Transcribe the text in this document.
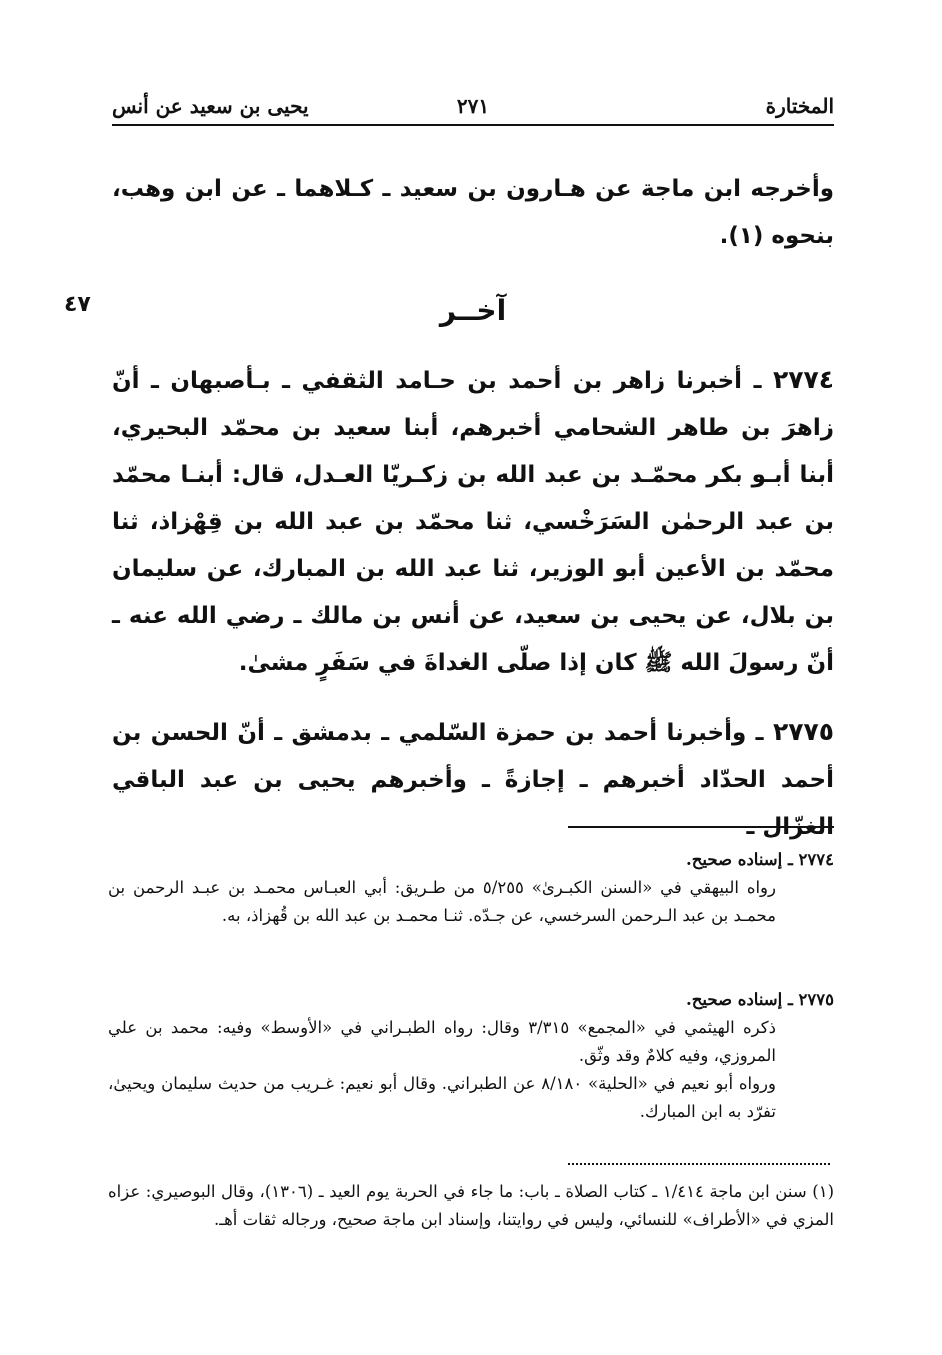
المختارة
٢٧١
يحيى بن سعيد عن أنس
وأخرجه ابن ماجة عن هـارون بن سعيد ـ كـلاهما ـ عن ابن وهب، بنحوه (١).
آخــر
٤٧
٢٧٧٤ ـ أخبرنا زاهر بن أحمد بن حـامد الثقفي ـ بـأصبهان ـ أنّ زاهرَ بن طاهر الشحامي أخبرهم، أبنا سعيد بن محمّد البحيري، أبنا أبـو بكر محمّـد بن عبد الله بن زكـريّا العـدل، قال: أبنـا محمّد بن عبد الرحمٰن السَرَخْسي، ثنا محمّد بن عبد الله بن قِهْزاذ، ثنا محمّد بن الأعين أبو الوزير، ثنا عبد الله بن المبارك، عن سليمان بن بلال، عن يحيى بن سعيد، عن أنس بن مالك ـ رضي الله عنه ـ أنّ رسولَ الله ﷺ كان إذا صلّى الغداةَ في سَفَرٍ مشىٰ.
٢٧٧٥ ـ وأخبرنا أحمد بن حمزة السّلمي ـ بدمشق ـ أنّ الحسن بن أحمد الحدّاد أخبرهم ـ إجازةً ـ وأخبرهم يحيى بن عبد الباقي الغزّال ـ
٢٧٧٤ ـ إسناده صحيح.
رواه البيهقي في «السنن الكبـرىٰ» ٥/٢٥٥ من طـريق: أبي العبـاس محمـد بن عبـد الرحمن بن محمـد بن عبد الـرحمن السرخسي، عن جـدّه. ثنـا محمـد بن عبد الله بن قُهزاذ، به.
٢٧٧٥ ـ إسناده صحيح.
ذكره الهيثمي في «المجمع» ٣/٣١٥ وقال: رواه الطبـراني في «الأوسط» وفيه: محمد بن علي المروزي، وفيه كلامٌ وقد وثّق.
ورواه أبو نعيم في «الحلية» ٨/١٨٠ عن الطبراني. وقال أبو نعيم: غـريب من حديث سليمان ويحيىٰ، تفرّد به ابن المبارك.
(١) سنن ابن ماجة ١/٤١٤ ـ كتاب الصلاة ـ باب: ما جاء في الحربة يوم العيد ـ (١٣٠٦)، وقال البوصيري: عزاه المزي في «الأطراف» للنسائي، وليس في روايتنا، وإسناد ابن ماجة صحيح، ورجاله ثقات أهـ.
